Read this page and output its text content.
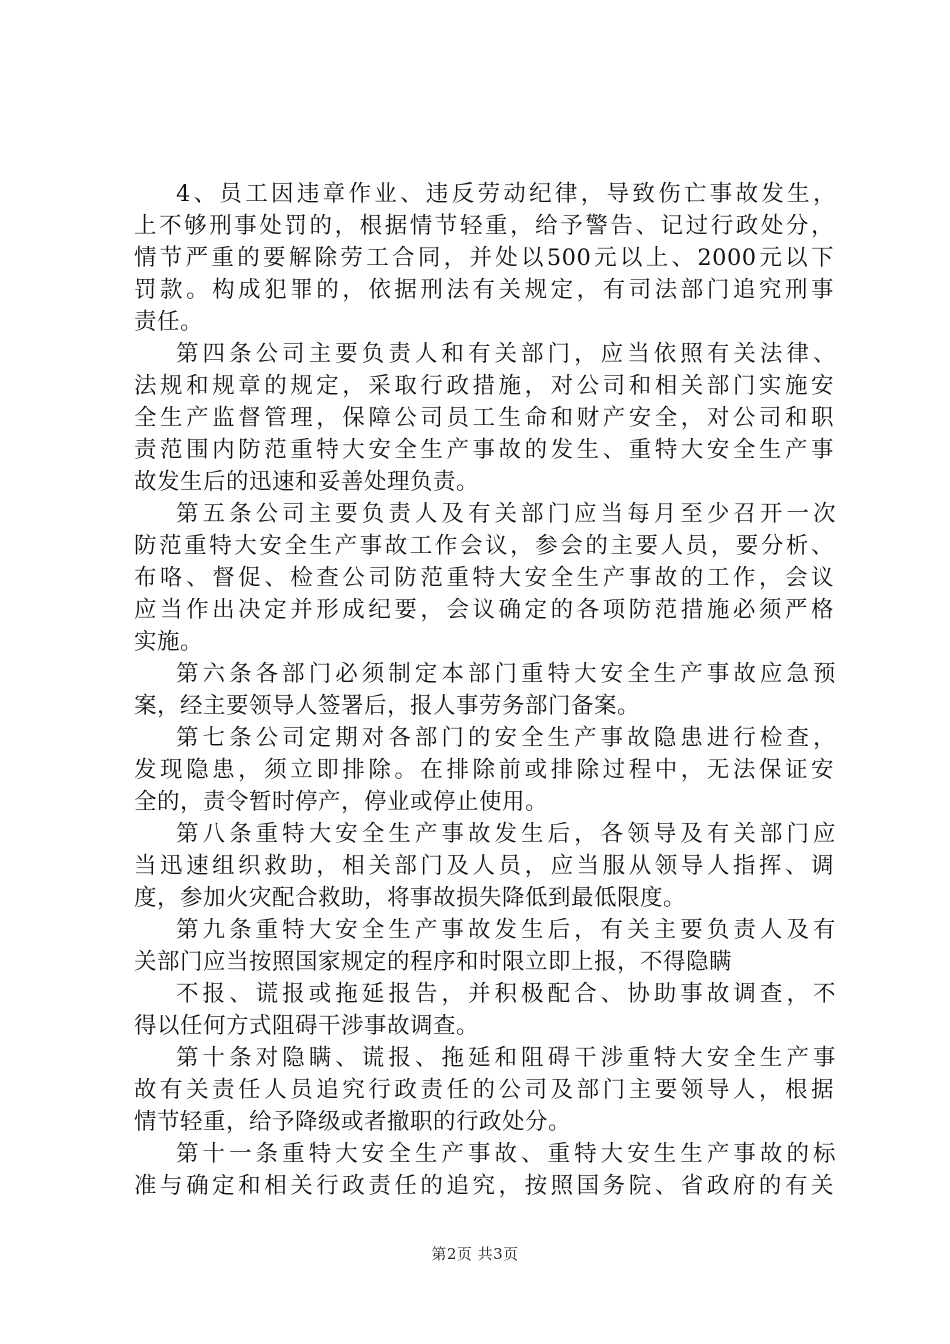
4、员工因违章作业、违反劳动纪律，导致伤亡事故发生，
上不够刑事处罚的，根据情节轻重，给予警告、记过行政处分，
情节严重的要解除劳工合同，并处以500元以上、2000元以下
罚款。构成犯罪的，依据刑法有关规定，有司法部门追究刑事
责任。
第四条公司主要负责人和有关部门，应当依照有关法律、
法规和规章的规定，采取行政措施，对公司和相关部门实施安
全生产监督管理，保障公司员工生命和财产安全，对公司和职
责范围内防范重特大安全生产事故的发生、重特大安全生产事
故发生后的迅速和妥善处理负责。
第五条公司主要负责人及有关部门应当每月至少召开一次
防范重特大安全生产事故工作会议，参会的主要人员，要分析、
布咯、督促、检查公司防范重特大安全生产事故的工作，会议
应当作出决定并形成纪要，会议确定的各项防范措施必须严格
实施。
第六条各部门必须制定本部门重特大安全生产事故应急预
案，经主要领导人签署后，报人事劳务部门备案。
第七条公司定期对各部门的安全生产事故隐患进行检查，
发现隐患，须立即排除。在排除前或排除过程中，无法保证安
全的，责令暂时停产，停业或停止使用。
第八条重特大安全生产事故发生后，各领导及有关部门应
当迅速组织救助，相关部门及人员，应当服从领导人指挥、调
度，参加火灾配合救助，将事故损失降低到最低限度。
第九条重特大安全生产事故发生后，有关主要负责人及有
关部门应当按照国家规定的程序和时限立即上报，不得隐瞒
不报、谎报或拖延报告，并积极配合、协助事故调查，不
得以任何方式阻碍干涉事故调查。
第十条对隐瞒、谎报、拖延和阻碍干涉重特大安全生产事
故有关责任人员追究行政责任的公司及部门主要领导人，根据
情节轻重，给予降级或者撤职的行政处分。
第十一条重特大安全生产事故、重特大安生生产事故的标
准与确定和相关行政责任的追究，按照国务院、省政府的有关
第2页 共3页
